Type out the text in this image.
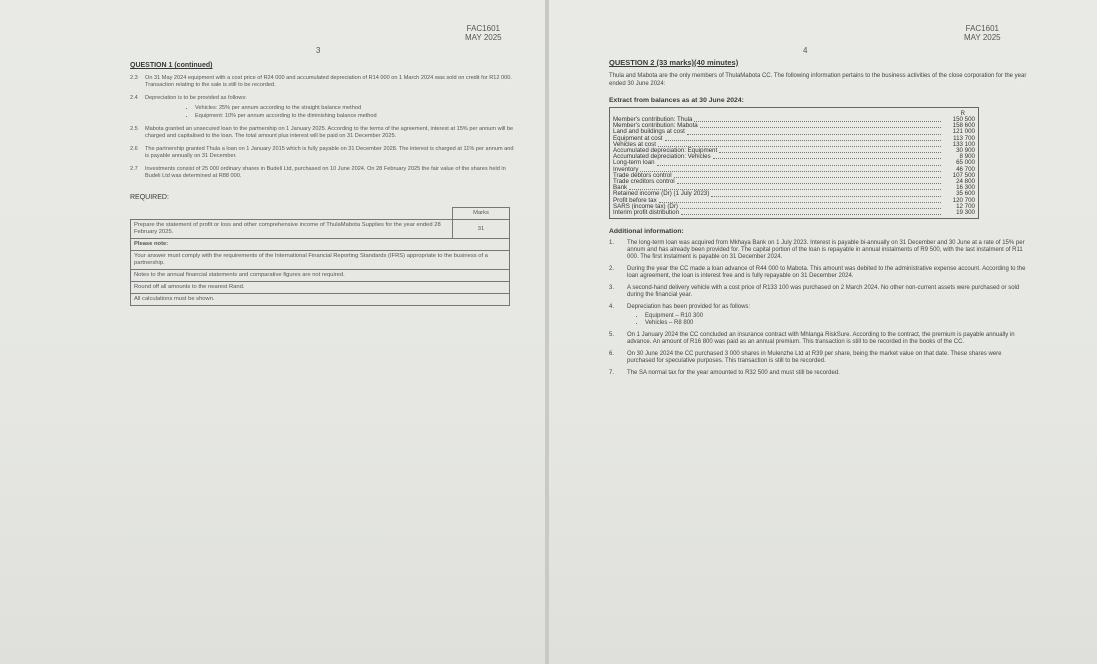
FAC1601
MAY 2025
3

QUESTION 1 (continued)

2.3	On 31 May 2024 equipment with a cost price of R24 000 and accumulated depreciation of R14 000 on 1 March 2024 was sold on credit for R12 000. Transaction relating to the sale is still to be recorded.
2.4	Depreciation is to be provided as follows:
• Vehicles: 25% per annum according to the straight balance method
• Equipment: 10% per annum according to the diminishing balance method
2.5	Mabota granted an unsecured loan to the partnership on 1 January 2025. According to the terms of the agreement, interest at 15% per annum will be charged and capitalised to the loan. The total amount plus interest will be paid on 31 December 2025.
2.6	The partnership granted Thula a loan on 1 January 2015 which is fully payable on 31 December 2028. The interest is charged at 11% per annum and is payable annually on 31 December.
2.7	Investments consist of 25 000 ordinary shares in Budeli Ltd, purchased on 10 June 2024. On 28 February 2025 the fair value of the shares held in Budeli Ltd was determined at R88 000.
REQUIRED:
	Marks
Prepare the statement of profit or loss and other comprehensive income of ThulaMabota Supplies for the year ended 28 February 2025.	31
Please note:	
Your answer must comply with the requirements of the International Financial Reporting Standards (IFRS) appropriate to the business of a partnership.	
Notes to the annual financial statements and comparative figures are not required.	
Round off all amounts to the nearest Rand.	
All calculations must be shown.	
FAC1601
MAY 2025
4
QUESTION 2 (33 marks)(40 minutes)
Thula and Mabota are the only members of ThulaMabota CC. The following information pertains to the business activities of the close corporation for the year ended 30 June 2024:
Extract from balances as at 30 June 2024:
R
Member's contribution: Thula	150 500
Member's contribution: Mabota	158 600
Land and buildings at cost	121 000
Equipment at cost	113 700
Vehicles at cost	133 100
Accumulated depreciation: Equipment	30 900
Accumulated depreciation: Vehicles	8 900
Long-term loan	65 000
Inventory	46 700
Trade debtors control	107 500
Trade creditors control	24 800
Bank	16 300
Retained income (Dr) (1 July 2023)	35 600
Profit before tax	120 700
SARS (income tax) (Dr)	12 700
Interim profit distribution	19 300
Additional information:
1.	The long-term loan was acquired from Mkhaya Bank on 1 July 2023. Interest is payable bi-annually on 31 December and 30 June at a rate of 15% per annum and has already been provided for. The capital portion of the loan is repayable in annual instalments of R9 500, with the last instalment of R11 000. The first instalment is payable on 31 December 2024.
2.	During the year the CC made a loan advance of R44 000 to Mabota. This amount was debited to the administrative expense account. According to the loan agreement, the loan is interest free and is fully repayable on 31 December 2024.
3.	A second-hand delivery vehicle with a cost price of R133 100 was purchased on 2 March 2024. No other non-current assets were purchased or sold during the financial year.
4.	Depreciation has been provided for as follows:
• Equipment – R10 300
• Vehicles – R8 800
5.	On 1 January 2024 the CC concluded an insurance contract with Mhlanga RiskSure. According to the contract, the premium is payable annually in advance. An amount of R16 800 was paid as an annual premium. This transaction is still to be recorded in the books of the CC.
6.	On 30 June 2024 the CC purchased 3 000 shares in Mulenzhe Ltd at R39 per share, being the market value on that date. These shares were purchased for speculative purposes. This transaction is still to be recorded.
7.	The SA normal tax for the year amounted to R32 500 and must still be recorded.
